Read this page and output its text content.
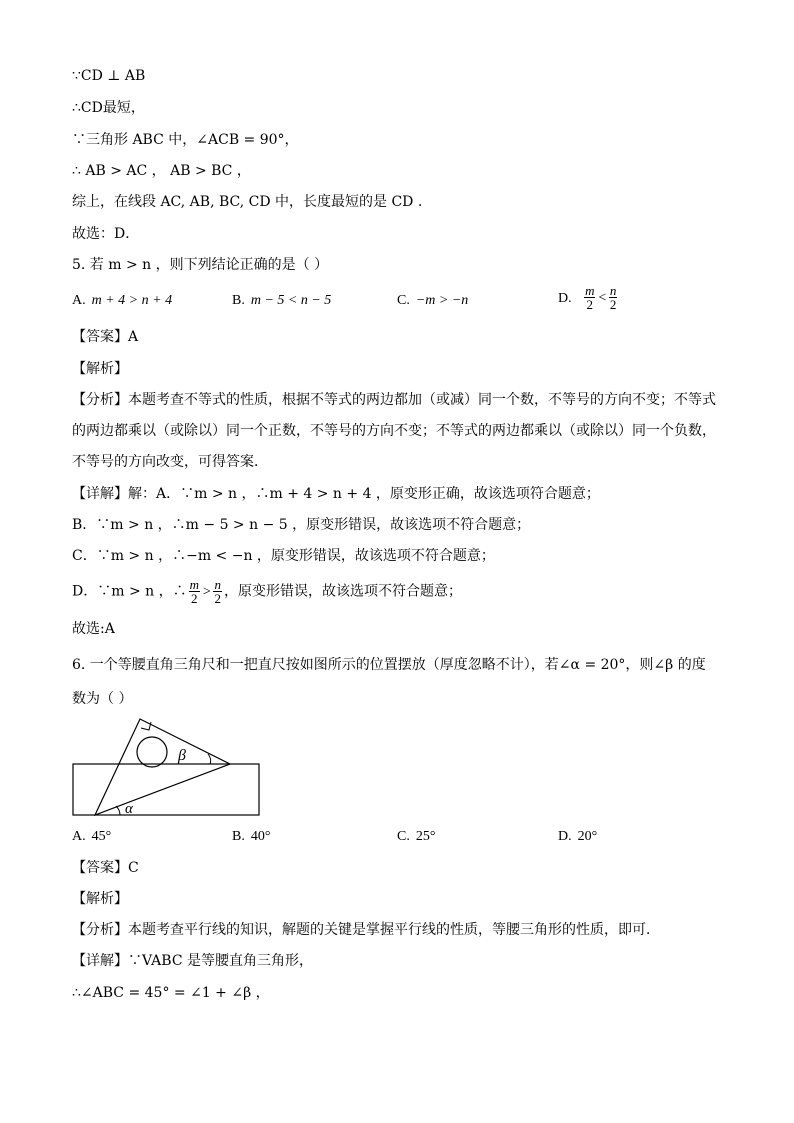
∵CD ⊥ AB
∴CD最短，
∵三角形 ABC 中，∠ACB = 90°，
∴ AB > AC ， AB > BC ，
综上，在线段 AC, AB, BC, CD 中，长度最短的是 CD .
故选：D．
5. 若 m > n ，则下列结论正确的是（ ）
A. m + 4 > n + 4	B. m − 5 < n − 5	C. −m > −n	D. $\frac{m}{2} < \frac{n}{2}$
【答案】A
【解析】
【分析】本题考查不等式的性质，根据不等式的两边都加（或减）同一个数，不等号的方向不变；不等式
的两边都乘以（或除以）同一个正数，不等号的方向不变；不等式的两边都乘以（或除以）同一个负数，
不等号的方向改变，可得答案．
【详解】解：A．∵m > n ，∴m + 4 > n + 4 ，原变形正确，故该选项符合题意；
B．∵m > n ，∴m − 5 > n − 5 ，原变形错误，故该选项不符合题意；
C．∵m > n ，∴−m < −n ，原变形错误，故该选项不符合题意；
D．∵m > n ，∴ $\frac{m}{2} > \frac{n}{2}$ ，原变形错误，故该选项不符合题意；
故选:A
6. 一个等腰直角三角尺和一把直尺按如图所示的位置摆放（厚度忽略不计），若∠α = 20°，则∠β 的度
数为（ ）
β
α
A. 45°	B. 40°	C. 25°	D. 20°
【答案】C
【解析】
【分析】本题考查平行线的知识，解题的关键是掌握平行线的性质，等腰三角形的性质，即可．
【详解】∵VABC 是等腰直角三角形，
∴∠ABC = 45° = ∠1 + ∠β ，
